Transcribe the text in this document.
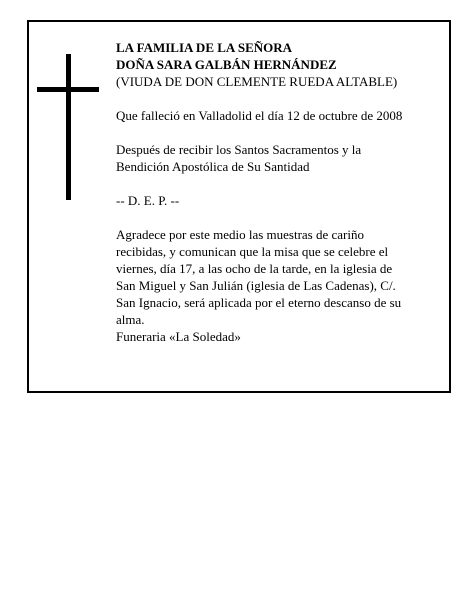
LA FAMILIA DE LA SEÑORA

DOÑA SARA GALBÁN HERNÁNDEZ

(VIUDA DE DON CLEMENTE RUEDA ALTABLE)

Que falleció en Valladolid el día 12 de octubre de 2008

Después de recibir los Santos Sacramentos y la

Bendición Apostólica de Su Santidad

-- D. E. P. --

Agradece por este medio las muestras de cariño

recibidas, y comunican que la misa que se celebre el

viernes, día 17, a las ocho de la tarde, en la iglesia de

San Miguel y San Julián (iglesia de Las Cadenas), C/.

San Ignacio, será aplicada por el eterno descanso de su

alma.

Funeraria «La Soledad»
